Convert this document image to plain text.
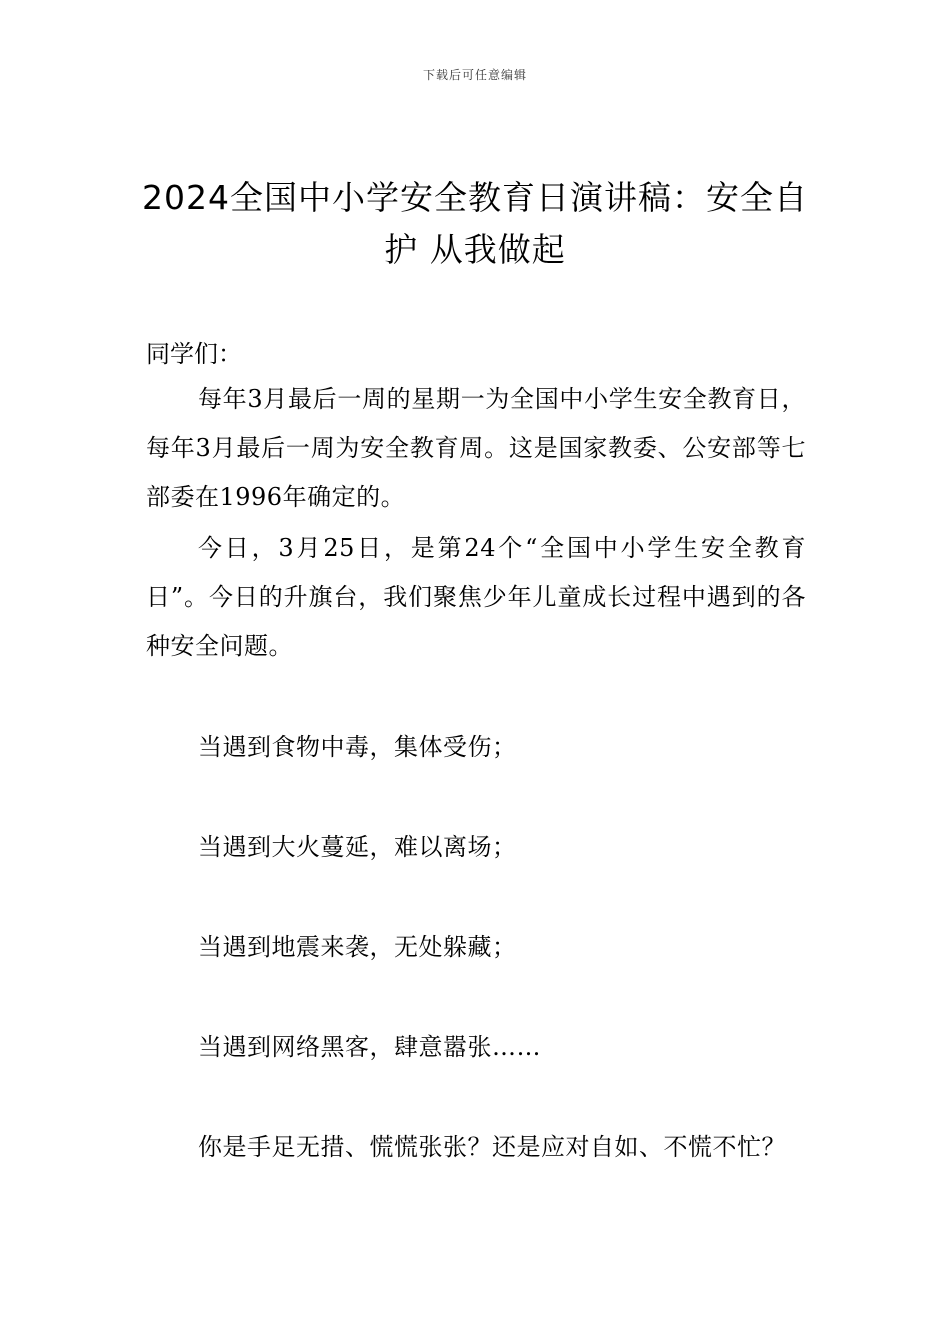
下载后可任意编辑
2024全国中小学安全教育日演讲稿：安全自护 从我做起
同学们：
每年3月最后一周的星期一为全国中小学生安全教育日，每年3月最后一周为安全教育周。这是国家教委、公安部等七部委在1996年确定的。
今日，3月25日，是第24个“全国中小学生安全教育日”。今日的升旗台，我们聚焦少年儿童成长过程中遇到的各种安全问题。
当遇到食物中毒，集体受伤；
当遇到大火蔓延，难以离场；
当遇到地震来袭，无处躲藏；
当遇到网络黑客，肆意嚣张……
你是手足无措、慌慌张张？还是应对自如、不慌不忙？
